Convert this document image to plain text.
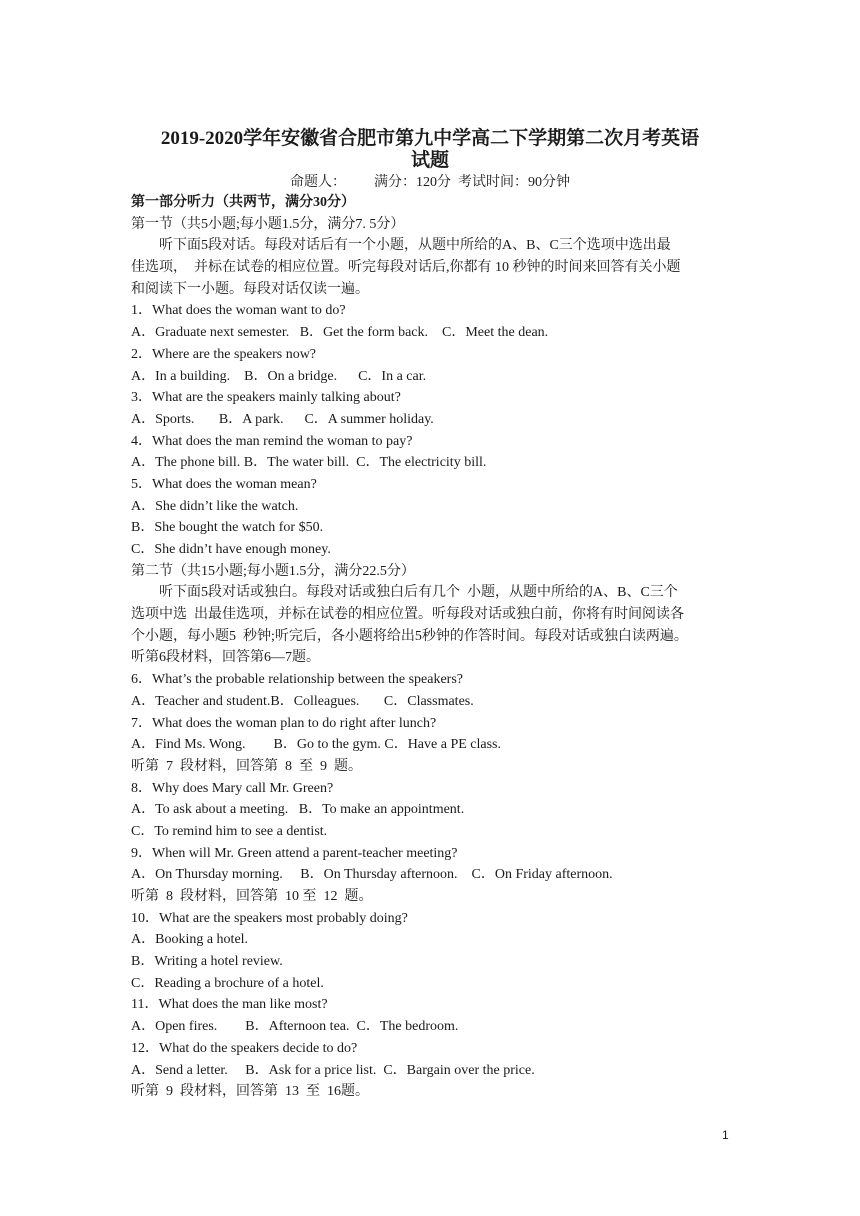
2019-2020学年安徽省合肥市第九中学高二下学期第二次月考英语
试题
命题人： 满分：120分  考试时间：90分钟
第一部分听力（共两节，满分30分）
第一节（共5小题;每小题1.5分，满分7. 5分）
听下面5段对话。每段对话后有一个小题，从题中所给的A、B、C三个选项中选出最
佳选项，  并标在试卷的相应位置。听完每段对话后,你都有 10 秒钟的时间来回答有关小题
和阅读下一小题。每段对话仅读一遍。
1．What does the woman want to do?
A．Graduate next semester.   B．Get the form back.    C．Meet the dean.
2．Where are the speakers now?
A．In a building.    B．On a bridge.      C．In a car.
3．What are the speakers mainly talking about?
A．Sports.       B．A park.      C．A summer holiday.
4．What does the man remind the woman to pay?
A．The phone bill. B．The water bill.  C．The electricity bill.
5．What does the woman mean?
A．She didn’t like the watch.
B．She bought the watch for $50.
C．She didn’t have enough money.
第二节（共15小题;每小题1.5分，满分22.5分）
听下面5段对话或独白。每段对话或独白后有几个  小题，从题中所给的A、B、C三个
选项中选  出最佳选项，并标在试卷的相应位置。听每段对话或独白前，你将有时间阅读各
个小题，每小题5  秒钟;听完后，各小题将给出5秒钟的作答时间。每段对话或独白读两遍。
听第6段材料，回答第6—7题。
6．What’s the probable relationship between the speakers?
A．Teacher and student.B．Colleagues.       C．Classmates.
7．What does the woman plan to do right after lunch?
A．Find Ms. Wong.        B．Go to the gym. C．Have a PE class.
听第  7  段材料，回答第  8  至  9  题。
8．Why does Mary call Mr. Green?
A．To ask about a meeting.   B．To make an appointment.
C．To remind him to see a dentist.
9．When will Mr. Green attend a parent-teacher meeting?
A．On Thursday morning.     B．On Thursday afternoon.    C．On Friday afternoon.
听第  8  段材料，回答第  10 至  12  题。
10．What are the speakers most probably doing?
A．Booking a hotel.
B．Writing a hotel review.
C．Reading a brochure of a hotel.
11．What does the man like most?
A．Open fires.        B．Afternoon tea.  C．The bedroom.
12．What do the speakers decide to do?
A．Send a letter.     B．Ask for a price list.  C．Bargain over the price.
听第  9  段材料，回答第  13  至  16题。
1
